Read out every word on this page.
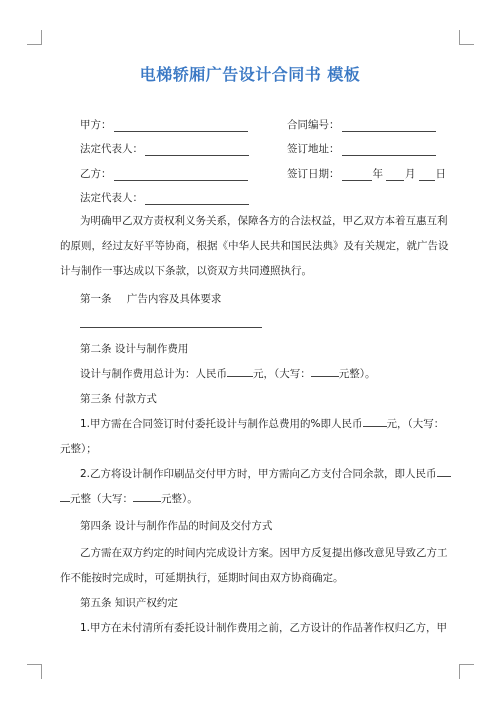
电梯轿厢广告设计合同书 模板
甲方：	合同编号：
法定代表人：	签订地址：
乙方：	签订日期：	年 月 日
法定代表人：
为明确甲乙双方责权利义务关系，保障各方的合法权益，甲乙双方本着互惠互利
的原则，经过友好平等协商，根据《中华人民共和国民法典》及有关规定，就广告设
计与制作一事达成以下条款，以资双方共同遵照执行。
第一条 广告内容及具体要求
第二条 设计与制作费用
设计与制作费用总计为：人民币 元，（大写：	元整）。
第三条 付款方式
1.甲方需在合同签订时付委托设计与制作总费用的%即人民币 元，（大写：
元整）；
2.乙方将设计制作印刷品交付甲方时，甲方需向乙方支付合同余款，即人民币
元整（大写：	元整）。
第四条 设计与制作作品的时间及交付方式
乙方需在双方约定的时间内完成设计方案。因甲方反复提出修改意见导致乙方工
作不能按时完成时，可延期执行，延期时间由双方协商确定。
第五条 知识产权约定
1.甲方在未付清所有委托设计制作费用之前，乙方设计的作品著作权归乙方，甲
